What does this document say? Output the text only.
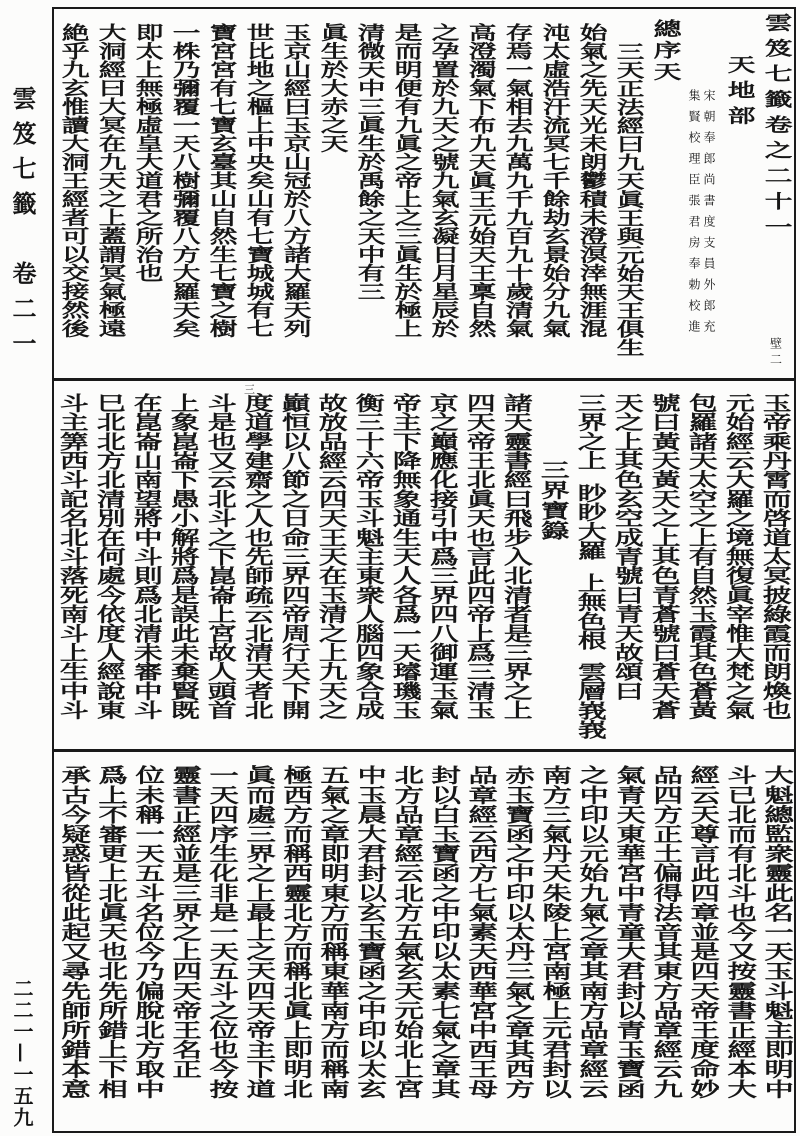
雲笈七籤　卷二一
二二一—一五九
雲笈七籤卷之二十一
壁二
天地部
宋朝奉郎尚書度支員外郎充
集賢校理臣張君房奉勅校進
總序天
三天正法經曰九天眞王與元始天王俱生
始氣之先天光未朗鬱積未澄溟涬無涯混
沌太虛浩汗流冥七千餘劫玄景始分九氣
存焉一氣相去九萬九千九百九十歲清氣
高澄濁氣下布九天眞王元始天王稟自然
之孕置於九天之號九氣玄凝日月星辰於
是而明便有九眞之帝上之三眞生於極上
清微天中三眞生於禹餘之天中有三
眞生於大赤之天
玉京山經曰玉京山冠於八方諸大羅天列
世比地之樞上中央矣山有七寶城城有七
寶宮宮有七寶玄臺其山自然生七寶之樹
一株乃彌覆一天八樹彌覆八方大羅天矣
即太上無極虛皇大道君之所治也
大洞經曰大冥在九天之上蓋謂冥氣極遠
絶乎九玄惟讀大洞王經者可以交接然後
三
玉帝乘丹霄而啓道太冥披綠霞而朗煥也
元始經云大羅之境無復眞宰惟大梵之氣
包羅諸天太空之上有自然玉霞其色蒼黃
號曰黃天黃天之上其色青蒼號曰蒼天蒼
天之上其色玄空成青號曰青天故頌曰
三界之上眇眇大羅上無色根雲層峩峩
三界寶籙
諸天靈書經曰飛步入北清者是三界之上
四天帝王北眞天也言此四帝上爲三清玉
京之巔應化接引中爲三界四八御運玉氣
帝主下降無象通生天人各爲一天璿璣玉
衡三十六帝玉斗魁主東衆人腦四象合成
故放品經云四天王天在玉清之上九天之
巓恒以八節之日命三界四帝周行天下開
度道學建齋之人也先師疏云北清天者北
斗是也又云北斗之下崑崙上宮故人頭首
上象崑崙下愚小解將爲是誤此未棄賢既
在崑崙山南望將中斗則爲北清未審中斗
巳北北方北清別在何處今依度人經說東
斗主筭西斗記名北斗落死南斗上生中斗
大魁總監衆靈此名一天玉斗魁主即明中
斗已北而有北斗也今又按靈書正經本大
經云天尊言此四章並是四天帝王度命妙
品四方正土偏得法音其東方品章經云九
氣青天東華宮中青童大君封以青玉寶函
之中印以元始九氣之章其南方品章經云
南方三氣丹天朱陵上宮南極上元君封以
赤玉寶函之中印以太丹三氣之章其西方
品章經云西方七氣素天西華宮中西王母
封以白玉寶函之中印以太素七氣之章其
北方品章經云北方五氣玄天元始北上宮
中玉晨大君封以玄玉寶函之中印以太玄
五氣之章即明東方而稱東華南方而稱南
極西方而稱西靈北方而稱北眞上即明北
眞而處三界之上最上之天四天帝主下道
一天四序生化非是一天五斗之位也今按
靈書正經並是三界之上四天帝王名正
位未稱一天五斗名位今乃偏脫北方取中
爲上不審更上北眞天也北先所錯上下相
承古今疑惑皆從此起又尋先師所錯本意
